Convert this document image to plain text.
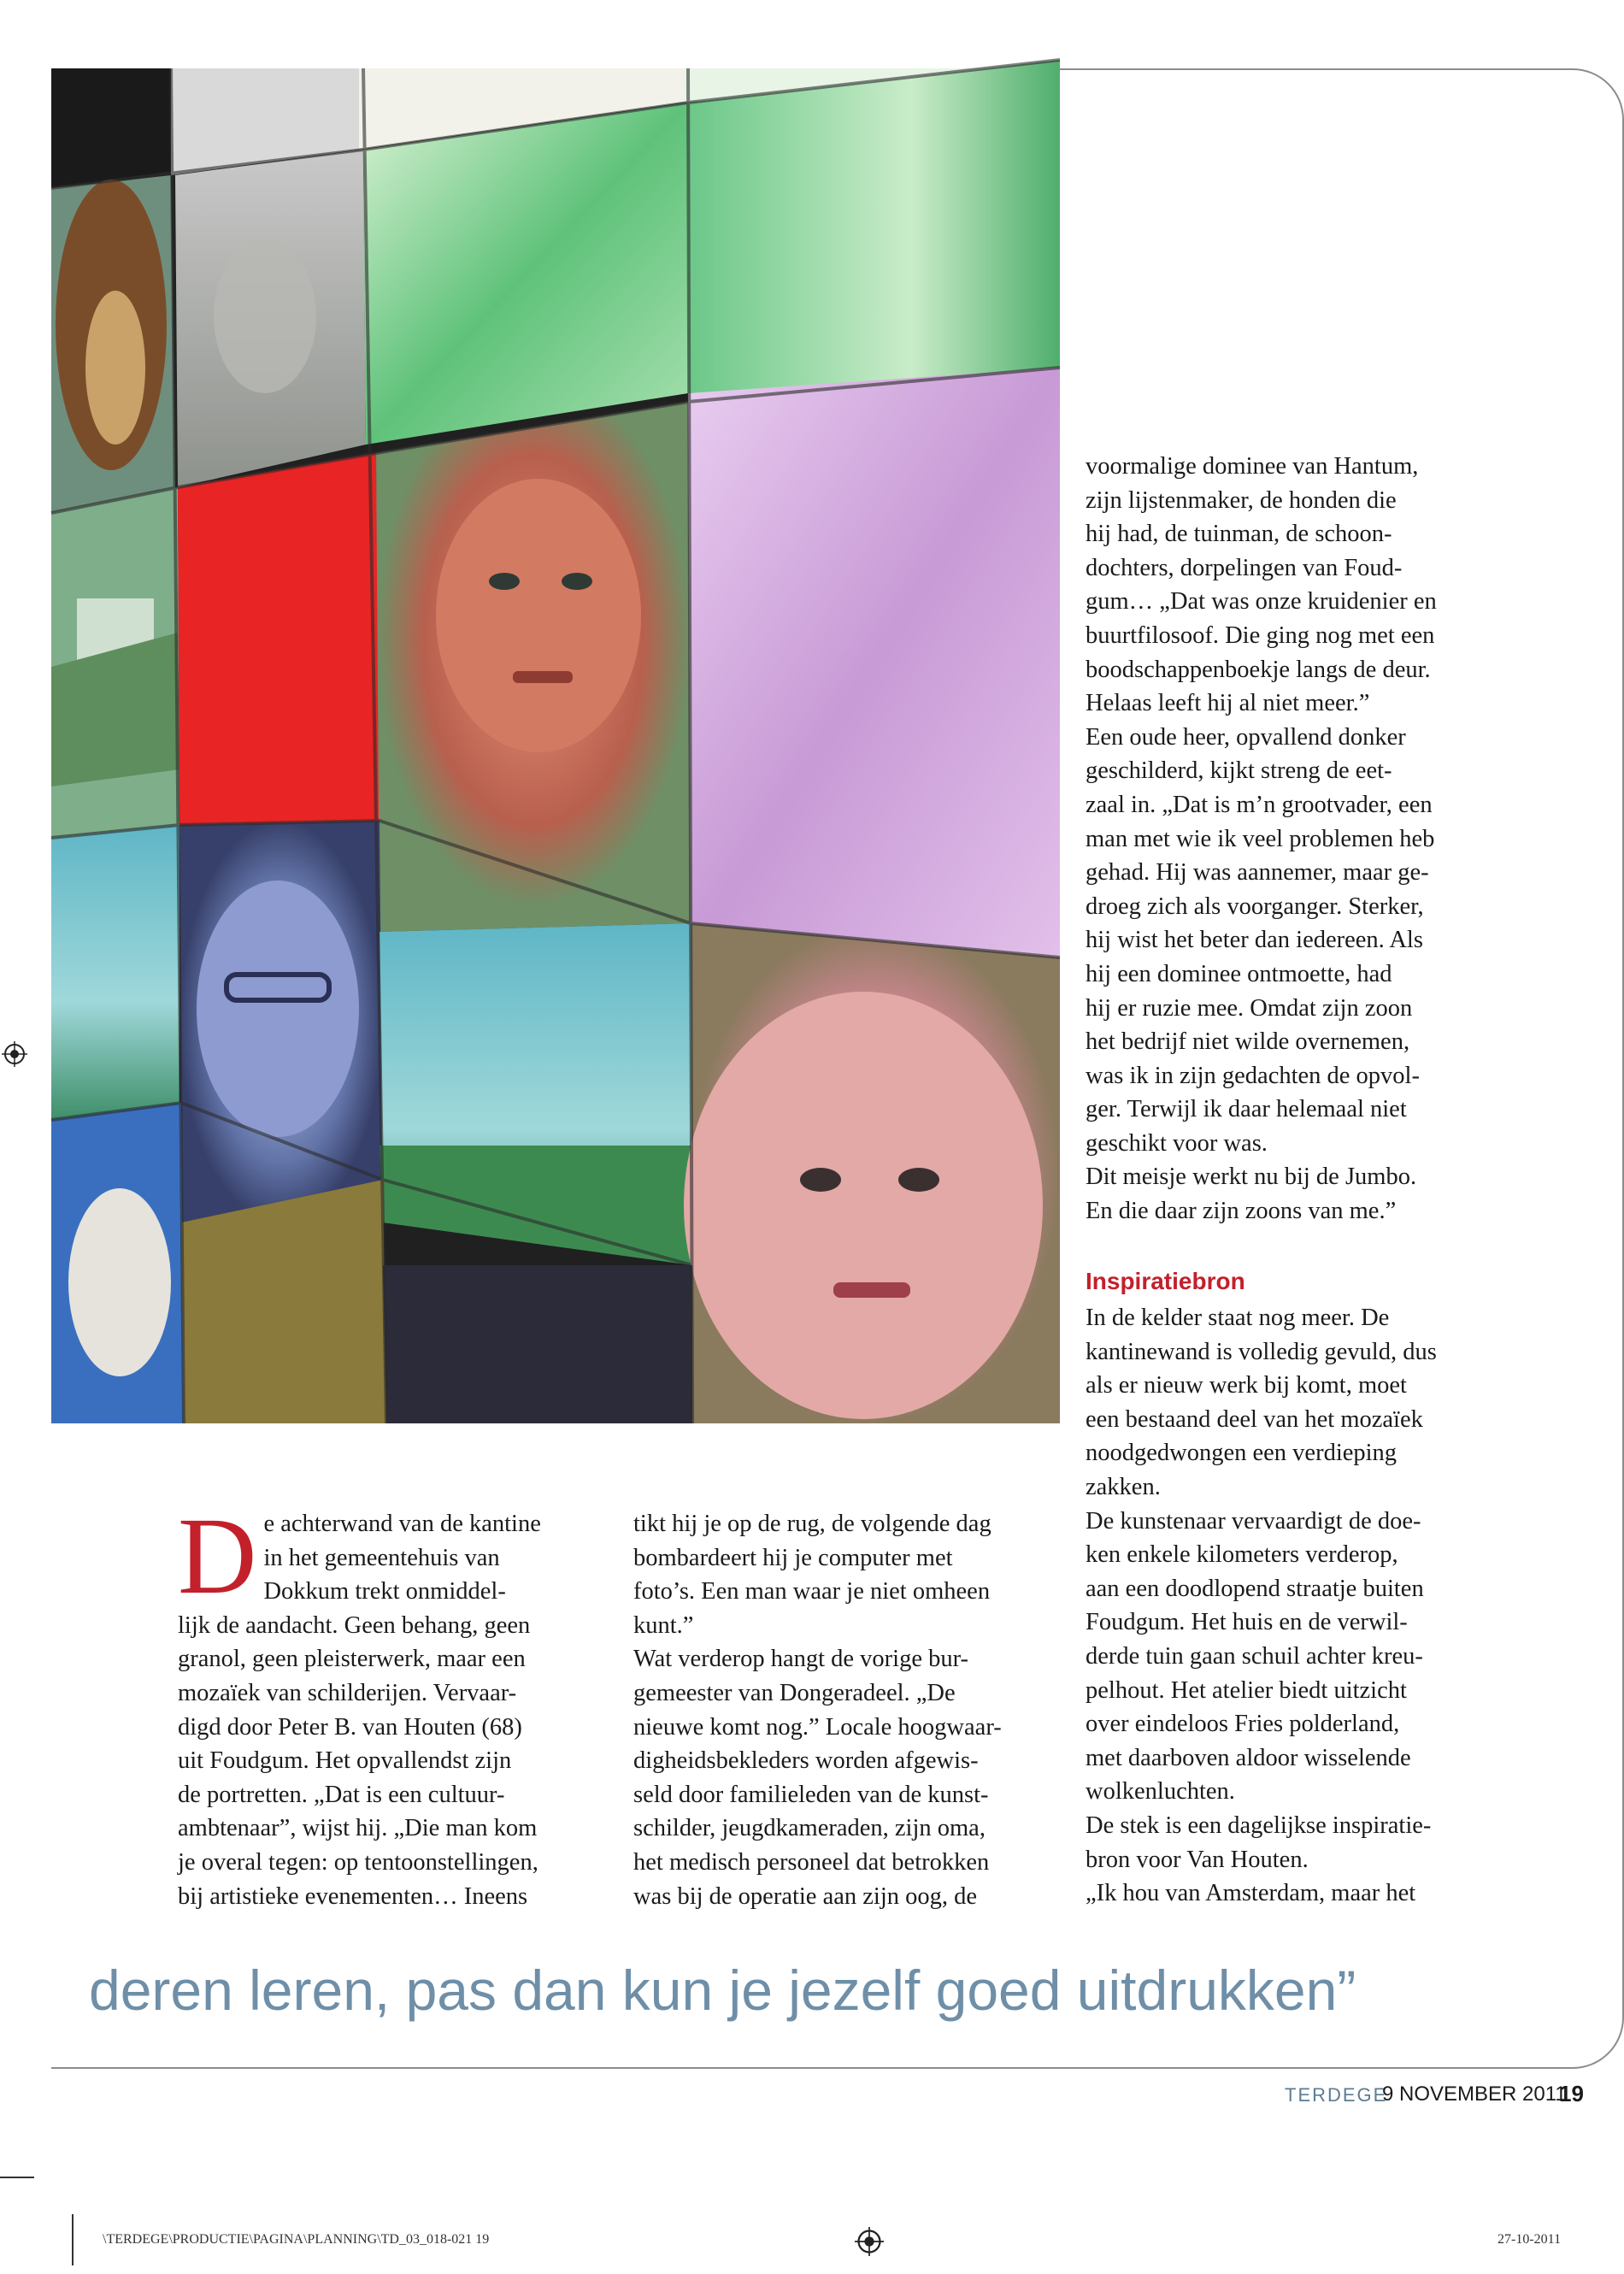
De achterwand van de kantine
in het gemeentehuis van
Dokkum trekt onmiddel-
lijk de aandacht. Geen behang, geen
granol, geen pleisterwerk, maar een
mozaïek van schilderijen. Vervaar-
digd door Peter B. van Houten (68)
uit Foudgum. Het opvallendst zijn
de portretten. „Dat is een cultuur-
ambtenaar”, wijst hij. „Die man kom
je overal tegen: op tentoonstellingen,
bij artistieke evenementen… Ineens
tikt hij je op de rug, de volgende dag
bombardeert hij je computer met
foto’s. Een man waar je niet omheen
kunt.”
Wat verderop hangt de vorige bur-
gemeester van Dongeradeel. „De
nieuwe komt nog.” Locale hoogwaar-
digheidsbekleders worden afgewis-
seld door familieleden van de kunst-
schilder, jeugdkameraden, zijn oma,
het medisch personeel dat betrokken
was bij de operatie aan zijn oog, de
voormalige dominee van Hantum,
zijn lijstenmaker, de honden die
hij had, de tuinman, de schoon-
dochters, dorpelingen van Foud-
gum… „Dat was onze kruidenier en
buurtfilosoof. Die ging nog met een
boodschappenboekje langs de deur.
Helaas leeft hij al niet meer.”
Een oude heer, opvallend donker
geschilderd, kijkt streng de eet-
zaal in. „Dat is m’n grootvader, een
man met wie ik veel problemen heb
gehad. Hij was aannemer, maar ge-
droeg zich als voorganger. Sterker,
hij wist het beter dan iedereen. Als
hij een dominee ontmoette, had
hij er ruzie mee. Omdat zijn zoon
het bedrijf niet wilde overnemen,
was ik in zijn gedachten de opvol-
ger. Terwijl ik daar helemaal niet
geschikt voor was.
Dit meisje werkt nu bij de Jumbo.
En die daar zijn zoons van me.”
Inspiratiebron
In de kelder staat nog meer. De
kantinewand is volledig gevuld, dus
als er nieuw werk bij komt, moet
een bestaand deel van het mozaïek
noodgedwongen een verdieping
zakken.
De kunstenaar vervaardigt de doe-
ken enkele kilometers verderop,
aan een doodlopend straatje buiten
Foudgum. Het huis en de verwil-
derde tuin gaan schuil achter kreu-
pelhout. Het atelier biedt uitzicht
over eindeloos Fries polderland,
met daarboven aldoor wisselende
wolkenluchten.
De stek is een dagelijkse inspiratie-
bron voor Van Houten.
„Ik hou van Amsterdam, maar het
deren leren, pas dan kun je jezelf goed uitdrukken”
TERDEGE
9 NOVEMBER 2011
19
\TERDEGE\PRODUCTIE\PAGINA\PLANNING\TD_03_018-021 19	27-10-2011
